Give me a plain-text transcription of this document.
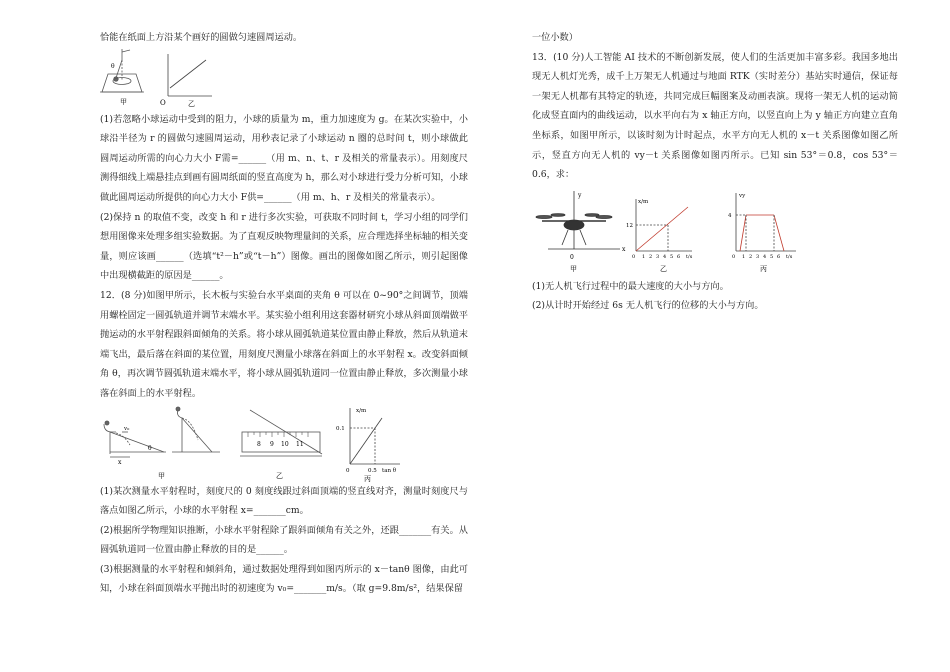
恰能在纸面上方沿某个画好的圆做匀速圆周运动。

θ
甲	O	乙

(1)若忽略小球运动中受到的阻力，小球的质量为 m，重力加速度为 g。在某次实验中，小球沿半径为 r 的圆做匀速圆周运动，用秒表记录了小球运动 n 圈的总时间 t，则小球做此圆周运动所需的向心力大小 F需=______（用 m、n、t、r 及相关的常量表示）。用刻度尺测得细线上端悬挂点到画有圆周纸面的竖直高度为 h，那么对小球进行受力分析可知，小球做此圆周运动所提供的向心力大小 F供=______（用 m、h、r 及相关的常量表示）。

(2)保持 n 的取值不变，改变 h 和 r 进行多次实验，可获取不同时间 t，学习小组的同学们想用图像来处理多组实验数据。为了直观反映物理量间的关系，应合理选择坐标轴的相关变量，则应该画______（选填“t²－h”或“t－h”）图像。画出的图像如图乙所示，则引起图像中出现横截距的原因是______。

12．(8 分)如图甲所示，长木板与实验台水平桌面的夹角 θ 可以在 0~90°之间调节，顶端用螺栓固定一圆弧轨道并调节末端水平。某实验小组利用这套器材研究小球从斜面顶端做平抛运动的水平射程跟斜面倾角的关系。将小球从圆弧轨道某位置由静止释放，然后从轨道末端飞出，最后落在斜面的某位置，用刻度尺测量小球落在斜面上的水平射程 x。改变斜面倾角 θ，再次调节圆弧轨道末端水平，将小球从圆弧轨道同一位置由静止释放，多次测量小球落在斜面上的水平射程。

v₀
x
θ
甲
8 9 10 11
乙
x/m
0.1
0	0.5 tan θ
丙

(1)某次测量水平射程时，刻度尺的 0 刻度线跟过斜面顶端的竖直线对齐，测量时刻度尺与落点如图乙所示，小球的水平射程 x=_______cm。

(2)根据所学物理知识推断，小球水平射程除了跟斜面倾角有关之外，还跟_______有关。从圆弧轨道同一位置由静止释放的目的是______。

(3)根据测量的水平射程和倾斜角，通过数据处理得到如图丙所示的 x－tanθ 图像，由此可知，小球在斜面顶端水平抛出时的初速度为 v₀=_______m/s。（取 g=9.8m/s²，结果保留

一位小数）

13．(10 分)人工智能 AI 技术的不断创新发展，使人们的生活更加丰富多彩。我国多地出现无人机灯光秀，成千上万架无人机通过与地面 RTK（实时差分）基站实时通信，保证每一架无人机都有其特定的轨迹，共同完成巨幅图案及动画表演。现将一架无人机的运动简化成竖直面内的曲线运动，以水平向右为 x 轴正方向，以竖直向上为 y 轴正方向建立直角坐标系，如图甲所示，以该时刻为计时起点，水平方向无人机的 x－t 关系图像如图乙所示，竖直方向无人机的 vy－t 关系图像如图丙所示。已知 sin 53°＝0.8，cos 53°＝0.6，求：

y
x
0
甲
x/m
12
0 1 2 3 4 5 6 t/s
乙
vy
4
0 1 2 3 4 5 6 t/s
丙

(1)无人机飞行过程中的最大速度的大小与方向。

(2)从计时开始经过 6s 无人机飞行的位移的大小与方向。
